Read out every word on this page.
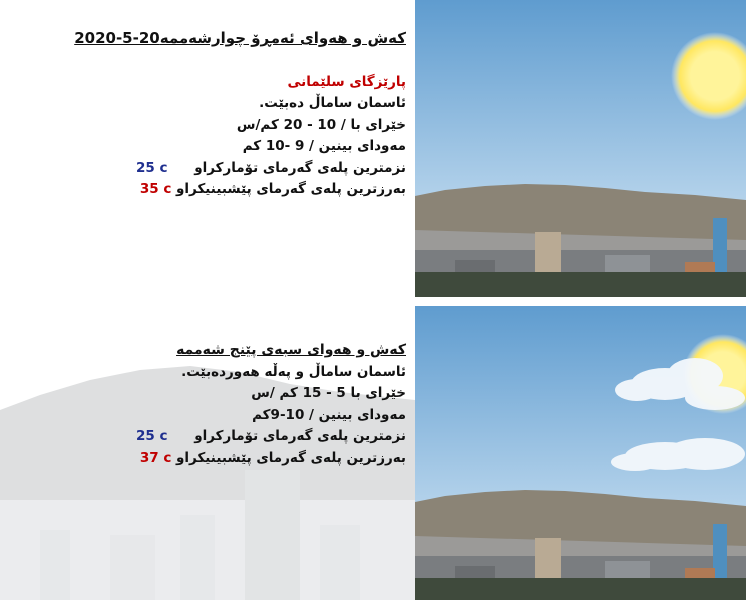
كەش و هەوای ئەمڕۆ چوارشەممە2020-5-20
پارێزگای سلێمانی
ئاسمان ساماڵ دەبێت.
خێرای با / 10 - 20 کم/س
مەودای بینین / 9 -10 کم
نزمترین پلەی گەرمای تۆمارکراو 25 c
بەرزترین پلەی گەرمای پێشبینیکراو 35 c
کەش و هەوای سبەی پێنج شەممە
ئاسمان ساماڵ و پەڵە هەوردەبێت.
خێرای با 5 - 15 کم /س
مەودای بینین / 10-9کم
نزمترین پلەی گەرمای تۆمارکراو 25 c
بەرزترین پلەی گەرمای پێشبینیکراو 37 c
